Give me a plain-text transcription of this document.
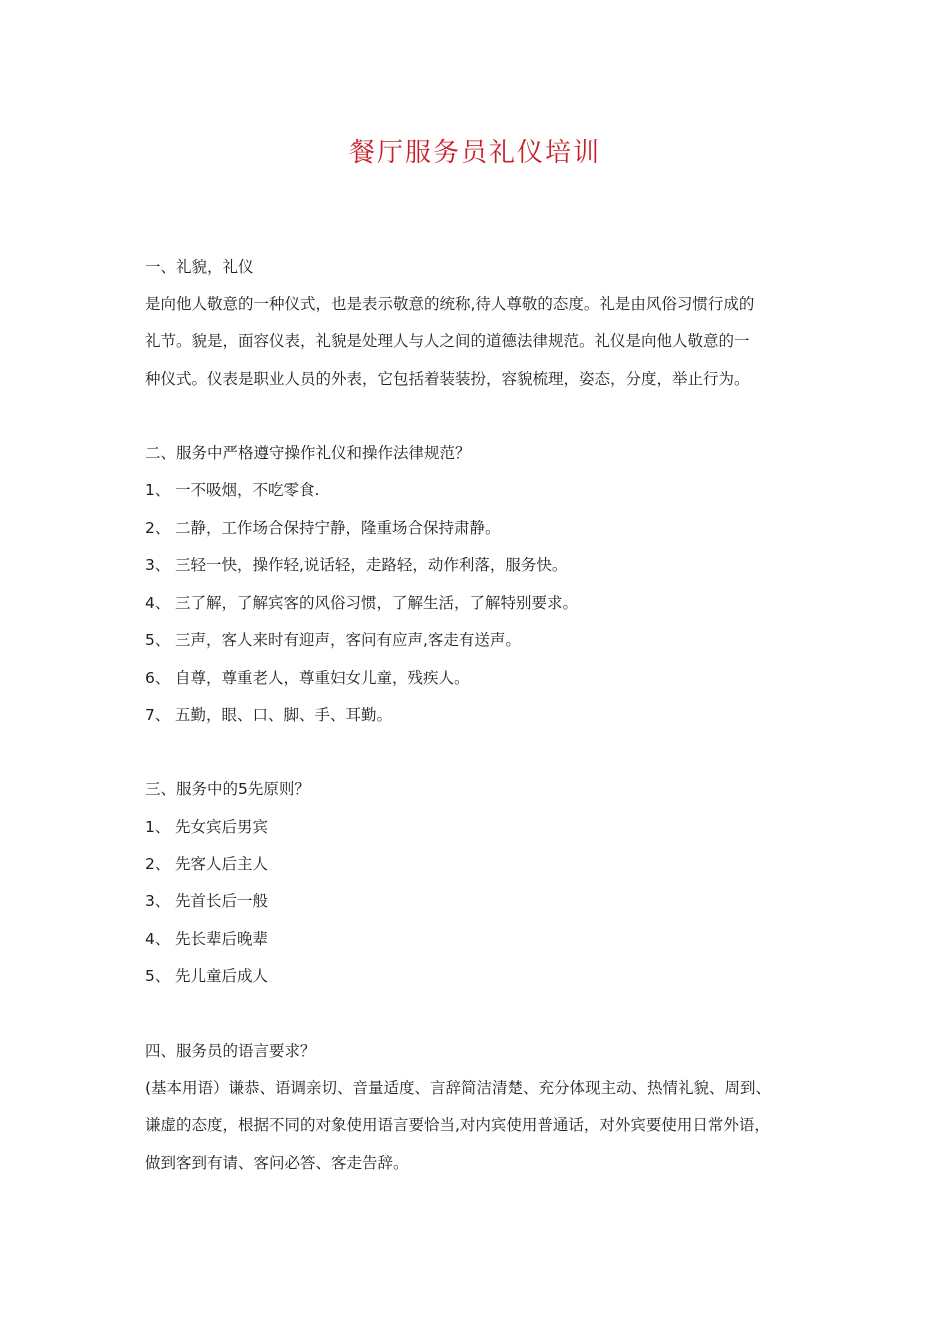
餐厅服务员礼仪培训
一、礼貌，礼仪
是向他人敬意的一种仪式，也是表示敬意的统称,待人尊敬的态度。礼是由风俗习惯行成的
礼节。貌是，面容仪表，礼貌是处理人与人之间的道德法律规范。礼仪是向他人敬意的一
种仪式。仪表是职业人员的外表，它包括着装装扮，容貌梳理，姿态，分度，举止行为。
二、服务中严格遵守操作礼仪和操作法律规范？
1、 一不吸烟，不吃零食.
2、 二静，工作场合保持宁静，隆重场合保持肃静。
3、 三轻一快，操作轻,说话轻，走路轻，动作利落，服务快。
4、 三了解，了解宾客的风俗习惯，了解生活，了解特别要求。
5、 三声，客人来时有迎声，客问有应声,客走有送声。
6、 自尊，尊重老人，尊重妇女儿童，残疾人。
7、 五勤，眼、口、脚、手、耳勤。
三、服务中的5先原则？
1、 先女宾后男宾
2、 先客人后主人
3、 先首长后一般
4、 先长辈后晚辈
5、 先儿童后成人
四、服务员的语言要求？
(基本用语）谦恭、语调亲切、音量适度、言辞简洁清楚、充分体现主动、热情礼貌、周到、
谦虚的态度，根据不同的对象使用语言要恰当,对内宾使用普通话，对外宾要使用日常外语，
做到客到有请、客问必答、客走告辞。
